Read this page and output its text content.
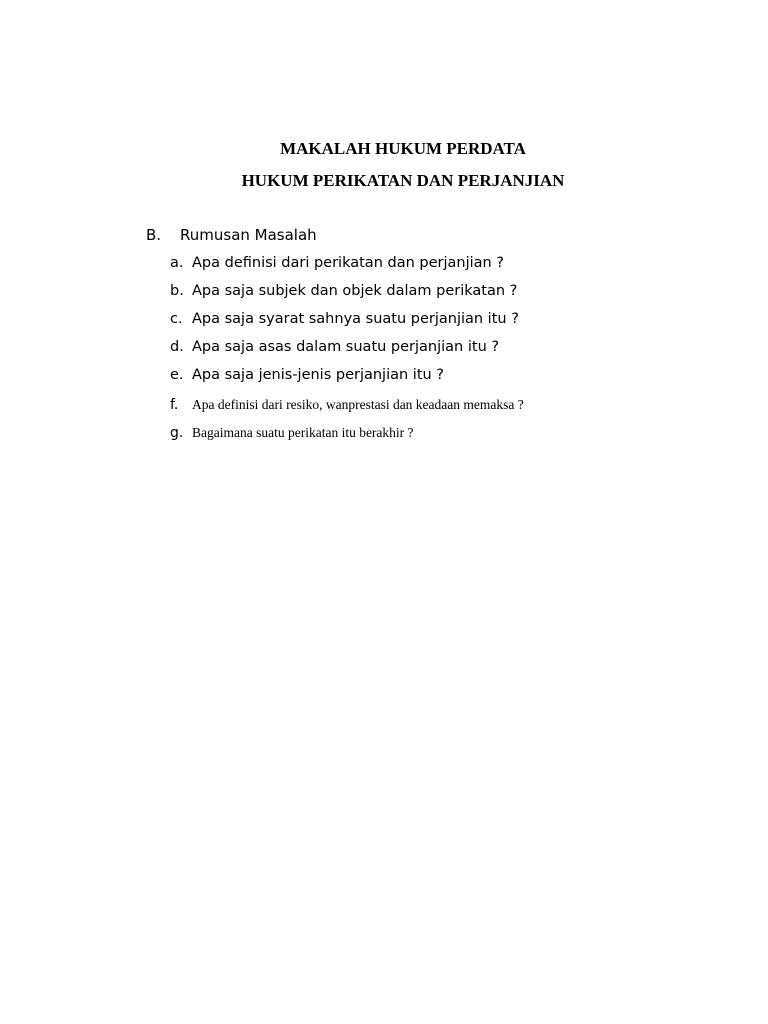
MAKALAH HUKUM PERDATA
HUKUM PERIKATAN DAN PERJANJIAN
B. Rumusan Masalah
a. Apa definisi dari perikatan dan perjanjian ?
b. Apa saja subjek dan objek dalam perikatan ?
c. Apa saja syarat sahnya suatu perjanjian itu ?
d. Apa saja asas dalam suatu perjanjian itu ?
e. Apa saja jenis-jenis perjanjian itu ?
f. Apa definisi dari resiko, wanprestasi dan keadaan memaksa ?
g. Bagaimana suatu perikatan itu berakhir ?
